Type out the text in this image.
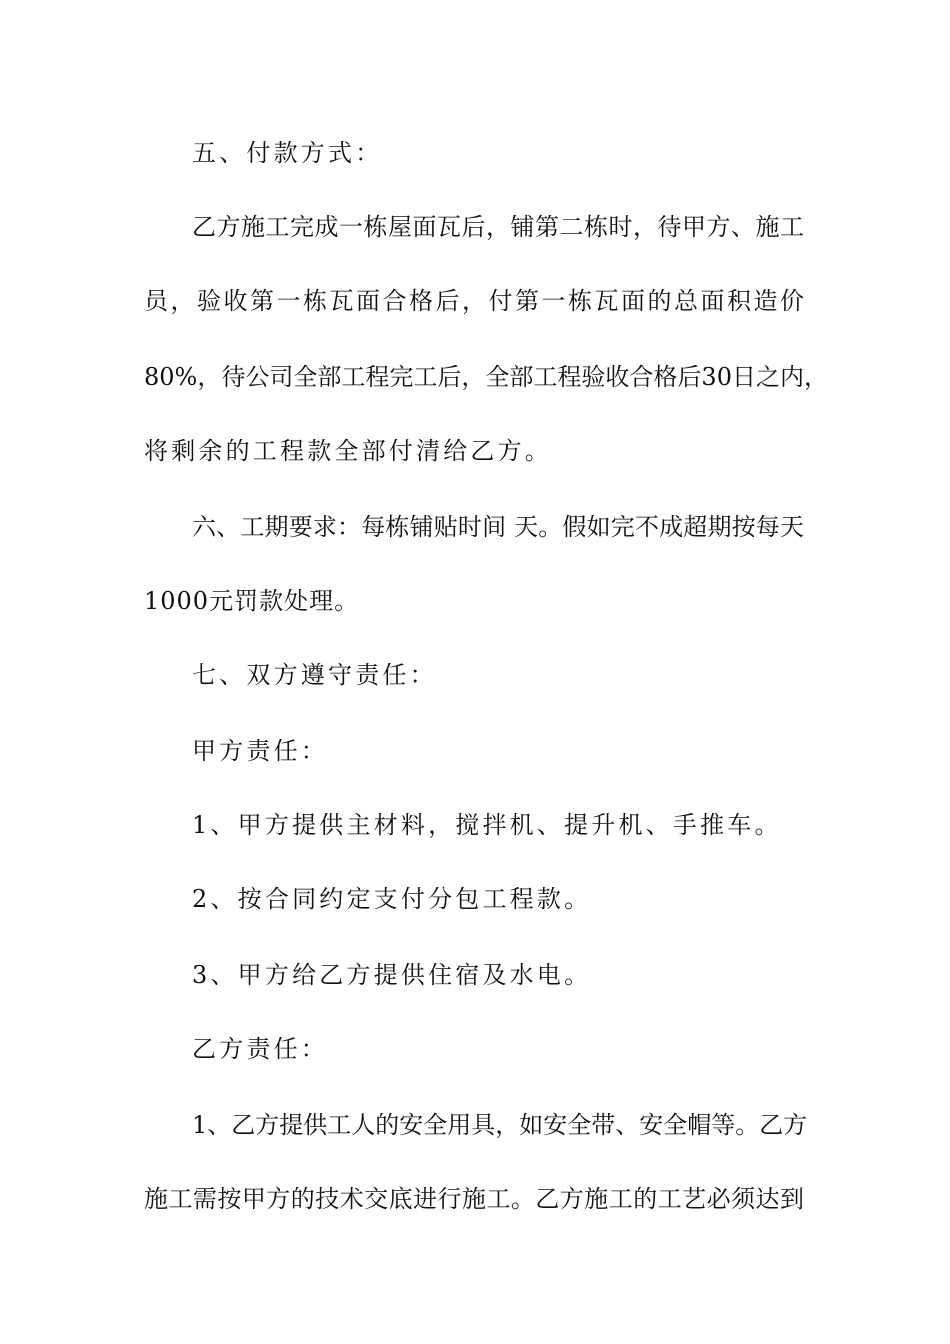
五、付款方式：
乙方施工完成一栋屋面瓦后，铺第二栋时，待甲方、施工
员，验收第一栋瓦面合格后，付第一栋瓦面的总面积造价
80%，待公司全部工程完工后，全部工程验收合格后30日之内，
将剩余的工程款全部付清给乙方。
六、工期要求：每栋铺贴时间 天。假如完不成超期按每天
1000元罚款处理。
七、双方遵守责任：
甲方责任：
1、甲方提供主材料，搅拌机、提升机、手推车。
2、按合同约定支付分包工程款。
3、甲方给乙方提供住宿及水电。
乙方责任：
1、乙方提供工人的安全用具，如安全带、安全帽等。乙方
施工需按甲方的技术交底进行施工。乙方施工的工艺必须达到
